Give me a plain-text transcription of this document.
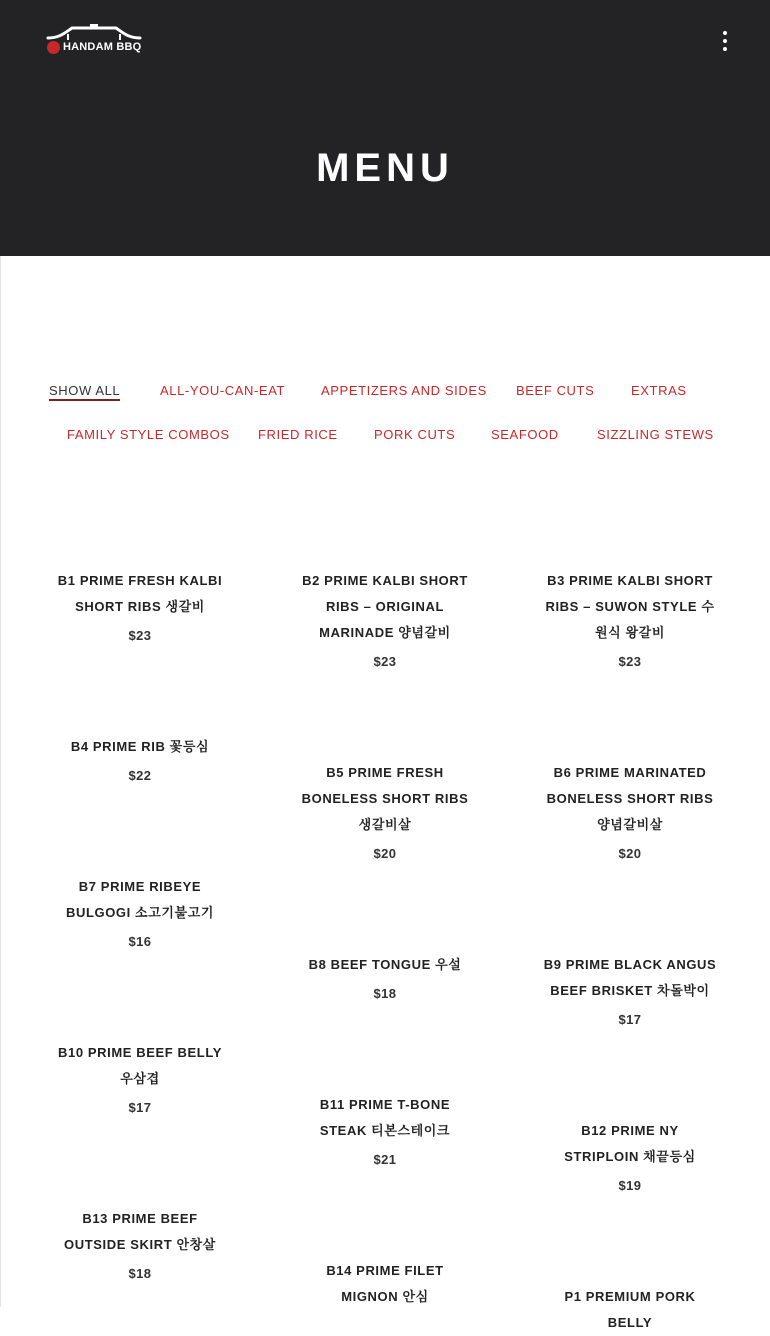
HANDAM BBQ
MENU
SHOW ALL	ALL-YOU-CAN-EAT	APPETIZERS AND SIDES BEEF CUTS	EXTRAS
FAMILY STYLE COMBOS FRIED RICE	PORK CUTS	SEAFOOD	SIZZLING STEWS
B1 PRIME FRESH KALBI SHORT RIBS 생갈비
$23
B2 PRIME KALBI SHORT RIBS – ORIGINAL MARINADE 양념갈비
$23
B3 PRIME KALBI SHORT RIBS – SUWON STYLE 수원식 왕갈비
$23
B4 PRIME RIB 꽃등심
$22	B5 PRIME FRESH BONELESS SHORT RIBS 생갈비살
$20
B6 PRIME MARINATED BONELESS SHORT RIBS 양념갈비살
$20
B7 PRIME RIBEYE BULGOGI 소고기불고기
$16
B8 BEEF TONGUE 우설
$18
B9 PRIME BLACK ANGUS BEEF BRISKET 차돌박이
$17
B10 PRIME BEEF BELLY 우삼겹
$17	B11 PRIME T-BONE STEAK 티본스테이크
$21
B12 PRIME NY STRIPLOIN 채끝등심
$19
B13 PRIME BEEF OUTSIDE SKIRT 안창살
$18	B14 PRIME FILET MIGNON 안심	P1 PREMIUM PORK BELLY
